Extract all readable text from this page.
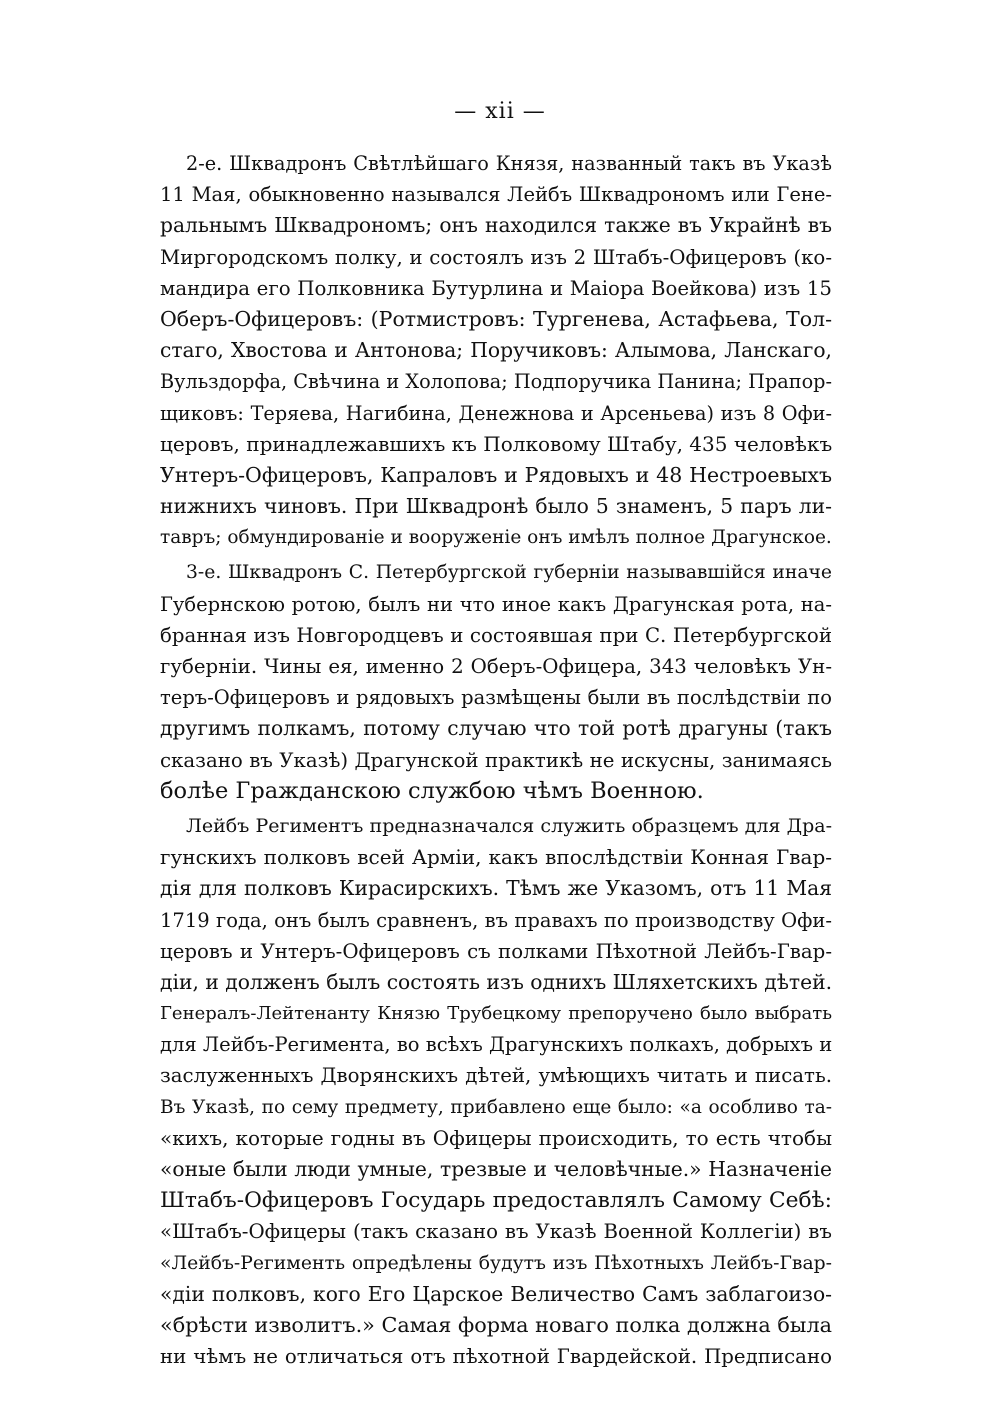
— xii —
2-е. Шквадронъ Свѣтлѣйшаго Князя, названный такъ въ Указѣ
11 Мая, обыкновенно назывался Лейбъ Шквадрономъ или Гене-
ральнымъ Шквадрономъ; онъ находился также въ Украйнѣ въ
Миргородскомъ полку, и состоялъ изъ 2 Штабъ-Офицеровъ (ко-
мандира его Полковника Бутурлина и Маіора Воейкова) изъ 15
Оберъ-Офицеровъ: (Ротмистровъ: Тургенева, Астафьева, Тол-
стаго, Хвостова и Антонова; Поручиковъ: Алымова, Ланскаго,
Вульздорфа, Свѣчина и Холопова; Подпоручика Панина; Прапор-
щиковъ: Теряева, Нагибина, Денежнова и Арсеньева) изъ 8 Офи-
церовъ, принадлежавшихъ къ Полковому Штабу, 435 человѣкъ
Унтеръ-Офицеровъ, Капраловъ и Рядовыхъ и 48 Нестроевыхъ
нижнихъ чиновъ. При Шквадронѣ было 5 знаменъ, 5 паръ ли-
тавръ; обмундированіе и вооруженіе онъ имѣлъ полное Драгунское.
3-е. Шквадронъ С. Петербургской губерніи называвшійся иначе
Губернскою ротою, былъ ни что иное какъ Драгунская рота, на-
бранная изъ Новгородцевъ и состоявшая при С. Петербургской
губерніи. Чины ея, именно 2 Оберъ-Офицера, 343 человѣкъ Ун-
теръ-Офицеровъ и рядовыхъ размѣщены были въ послѣдствіи по
другимъ полкамъ, потому случаю что той ротѣ драгуны (такъ
сказано въ Указѣ) Драгунской практикѣ не искусны, занимаясь
болѣе Гражданскою службою чѣмъ Военною.
Лейбъ Региментъ предназначался служить образцемъ для Дра-
гунскихъ полковъ всей Арміи, какъ впослѣдствіи Конная Гвар-
дія для полковъ Кирасирскихъ. Тѣмъ же Указомъ, отъ 11 Мая
1719 года, онъ былъ сравненъ, въ правахъ по производству Офи-
церовъ и Унтеръ-Офицеровъ съ полками Пѣхотной Лейбъ-Гвар-
діи, и долженъ былъ состоять изъ однихъ Шляхетскихъ дѣтей.
Генералъ-Лейтенанту Князю Трубецкому препоручено было выбрать
для Лейбъ-Регимента, во всѣхъ Драгунскихъ полкахъ, добрыхъ и
заслуженныхъ Дворянскихъ дѣтей, умѣющихъ читать и писать.
Въ Указѣ, по сему предмету, прибавлено еще было: «а особливо та-
«кихъ, которые годны въ Офицеры происходить, то есть чтобы
«оные были люди умные, трезвые и человѣчные.» Назначеніе
Штабъ-Офицеровъ Государь предоставлялъ Самому Себѣ:
«Штабъ-Офицеры (такъ сказано въ Указѣ Военной Коллегіи) въ
«Лейбъ-Регименть опредѣлены будутъ изъ Пѣхотныхъ Лейбъ-Гвар-
«діи полковъ, кого Его Царское Величество Самъ заблагоизо-
«брѣсти изволитъ.» Самая форма новаго полка должна была
ни чѣмъ не отличаться отъ пѣхотной Гвардейской. Предписано
